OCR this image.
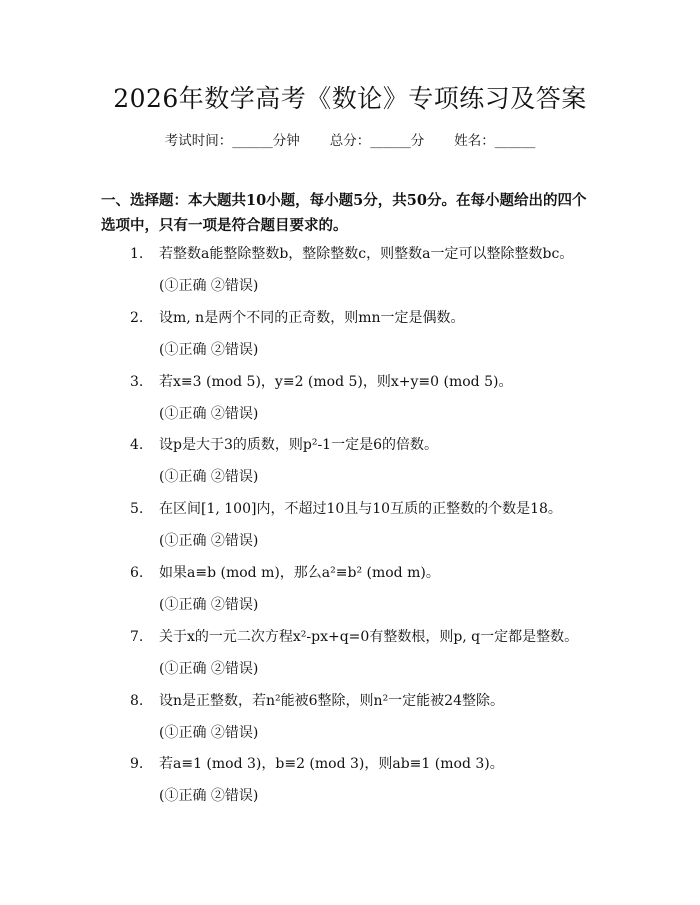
2026年数学高考《数论》专项练习及答案
考试时间：______分钟 总分：______分 姓名：______
一、选择题：本大题共10小题，每小题5分，共50分。在每小题给出的四个选项中，只有一项是符合题目要求的。
1. 若整数a能整除整数b，整除整数c，则整数a一定可以整除整数bc。
(①正确 ②错误)
2. 设m, n是两个不同的正奇数，则mn一定是偶数。
(①正确 ②错误)
3. 若x≡3 (mod 5)，y≡2 (mod 5)，则x+y≡0 (mod 5)。
(①正确 ②错误)
4. 设p是大于3的质数，则p²-1一定是6的倍数。
(①正确 ②错误)
5. 在区间[1, 100]内，不超过10且与10互质的正整数的个数是18。
(①正确 ②错误)
6. 如果a≡b (mod m)，那么a²≡b² (mod m)。
(①正确 ②错误)
7. 关于x的一元二次方程x²-px+q=0有整数根，则p, q一定都是整数。
(①正确 ②错误)
8. 设n是正整数，若n²能被6整除，则n²一定能被24整除。
(①正确 ②错误)
9. 若a≡1 (mod 3)，b≡2 (mod 3)，则ab≡1 (mod 3)。
(①正确 ②错误)
